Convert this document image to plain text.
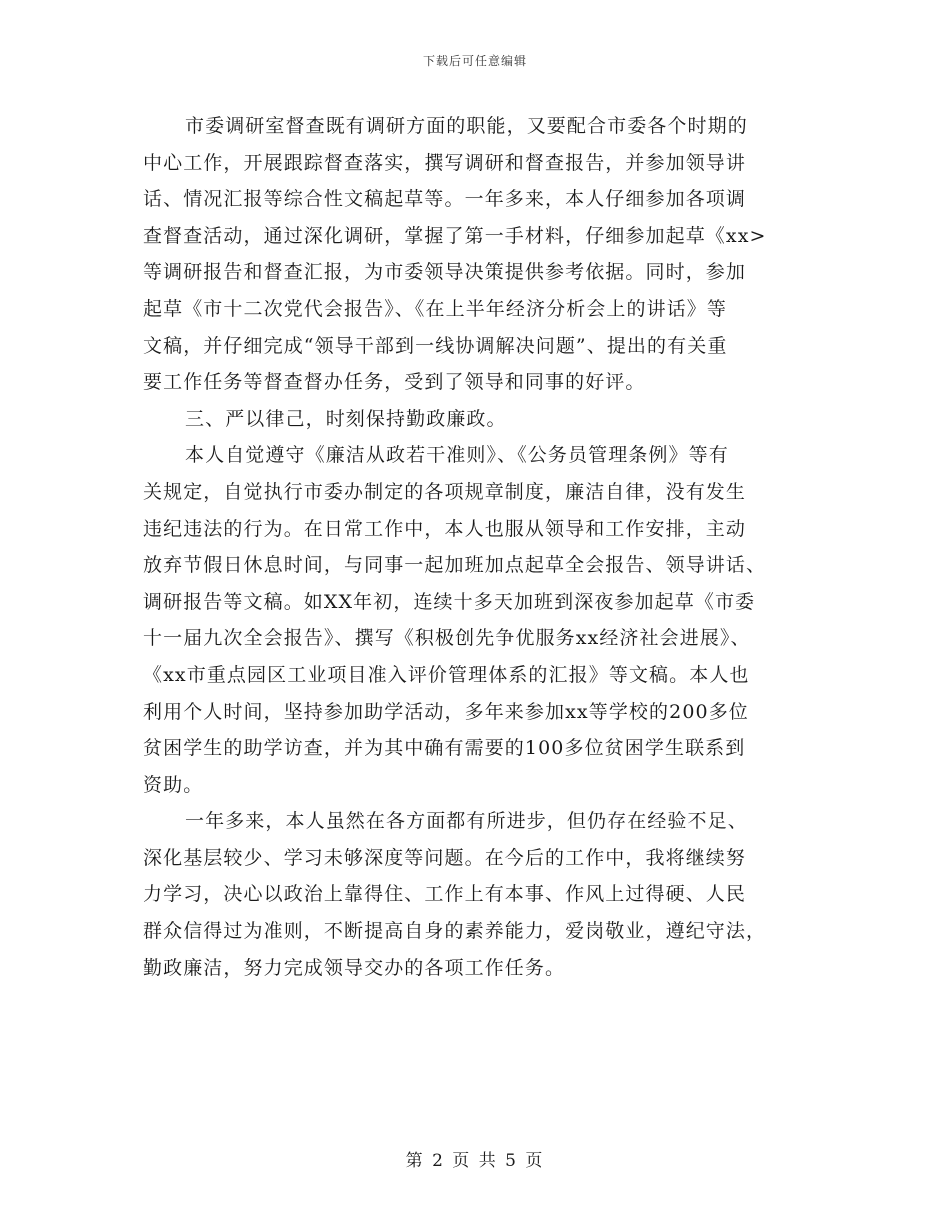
下载后可任意编辑
市委调研室督查既有调研方面的职能，又要配合市委各个时期的
中心工作，开展跟踪督查落实，撰写调研和督查报告，并参加领导讲
话、情况汇报等综合性文稿起草等。一年多来，本人仔细参加各项调
查督查活动，通过深化调研，掌握了第一手材料，仔细参加起草《xx>
等调研报告和督查汇报，为市委领导决策提供参考依据。同时，参加
起草《市十二次党代会报告》、《在上半年经济分析会上的讲话》等
文稿，并仔细完成“领导干部到一线协调解决问题”、提出的有关重
要工作任务等督查督办任务，受到了领导和同事的好评。
三、严以律己，时刻保持勤政廉政。
本人自觉遵守《廉洁从政若干准则》、《公务员管理条例》等有
关规定，自觉执行市委办制定的各项规章制度，廉洁自律，没有发生
违纪违法的行为。在日常工作中，本人也服从领导和工作安排，主动
放弃节假日休息时间，与同事一起加班加点起草全会报告、领导讲话、
调研报告等文稿。如XX年初，连续十多天加班到深夜参加起草《市委
十一届九次全会报告》、撰写《积极创先争优服务xx经济社会进展》、
《xx市重点园区工业项目准入评价管理体系的汇报》等文稿。本人也
利用个人时间，坚持参加助学活动，多年来参加xx等学校的200多位
贫困学生的助学访查，并为其中确有需要的100多位贫困学生联系到
资助。
一年多来，本人虽然在各方面都有所进步，但仍存在经验不足、
深化基层较少、学习未够深度等问题。在今后的工作中，我将继续努
力学习，决心以政治上靠得住、工作上有本事、作风上过得硬、人民
群众信得过为准则，不断提高自身的素养能力，爱岗敬业，遵纪守法，
勤政廉洁，努力完成领导交办的各项工作任务。
第 2 页 共 5 页
